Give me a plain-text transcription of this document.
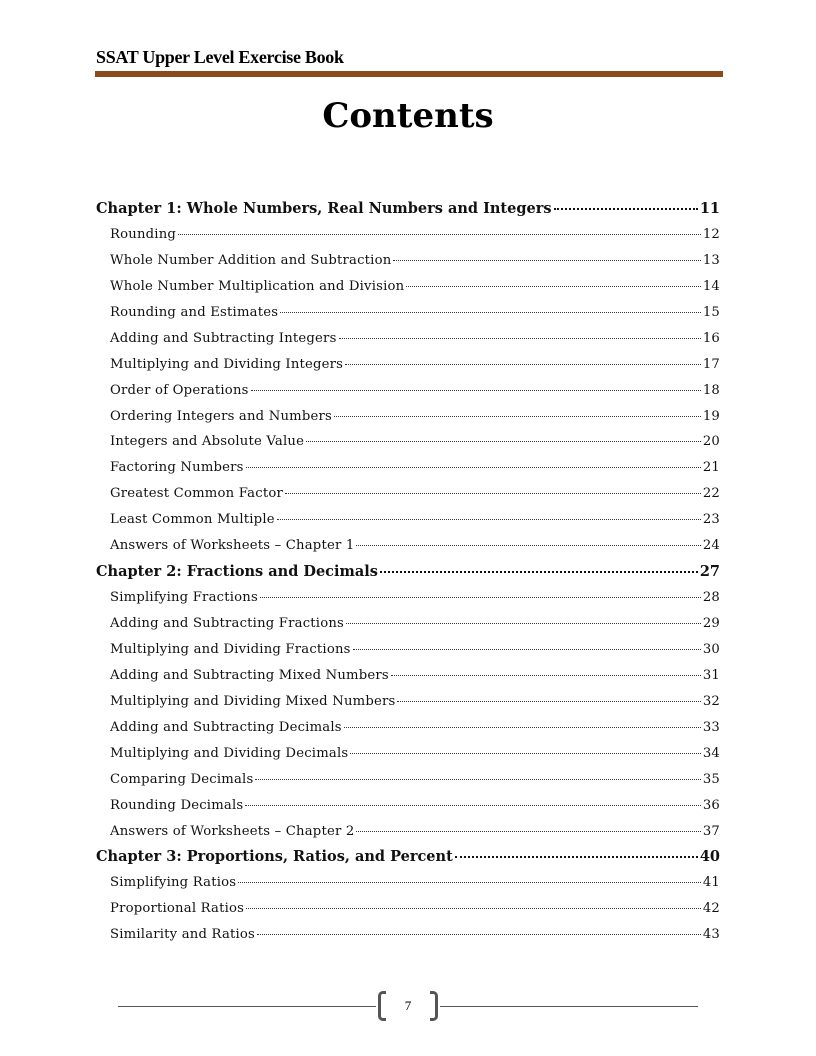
SSAT Upper Level Exercise Book
Contents
Chapter 1: Whole Numbers, Real Numbers and Integers	11
Rounding	12
Whole Number Addition and Subtraction	13
Whole Number Multiplication and Division	14
Rounding and Estimates	15
Adding and Subtracting Integers	16
Multiplying and Dividing Integers	17
Order of Operations	18
Ordering Integers and Numbers	19
Integers and Absolute Value	20
Factoring Numbers	21
Greatest Common Factor	22
Least Common Multiple	23
Answers of Worksheets – Chapter 1	24
Chapter 2: Fractions and Decimals	27
Simplifying Fractions	28
Adding and Subtracting Fractions	29
Multiplying and Dividing Fractions	30
Adding and Subtracting Mixed Numbers	31
Multiplying and Dividing Mixed Numbers	32
Adding and Subtracting Decimals	33
Multiplying and Dividing Decimals	34
Comparing Decimals	35
Rounding Decimals	36
Answers of Worksheets – Chapter 2	37
Chapter 3: Proportions, Ratios, and Percent	40
Simplifying Ratios	41
Proportional Ratios	42
Similarity and Ratios	43
7
